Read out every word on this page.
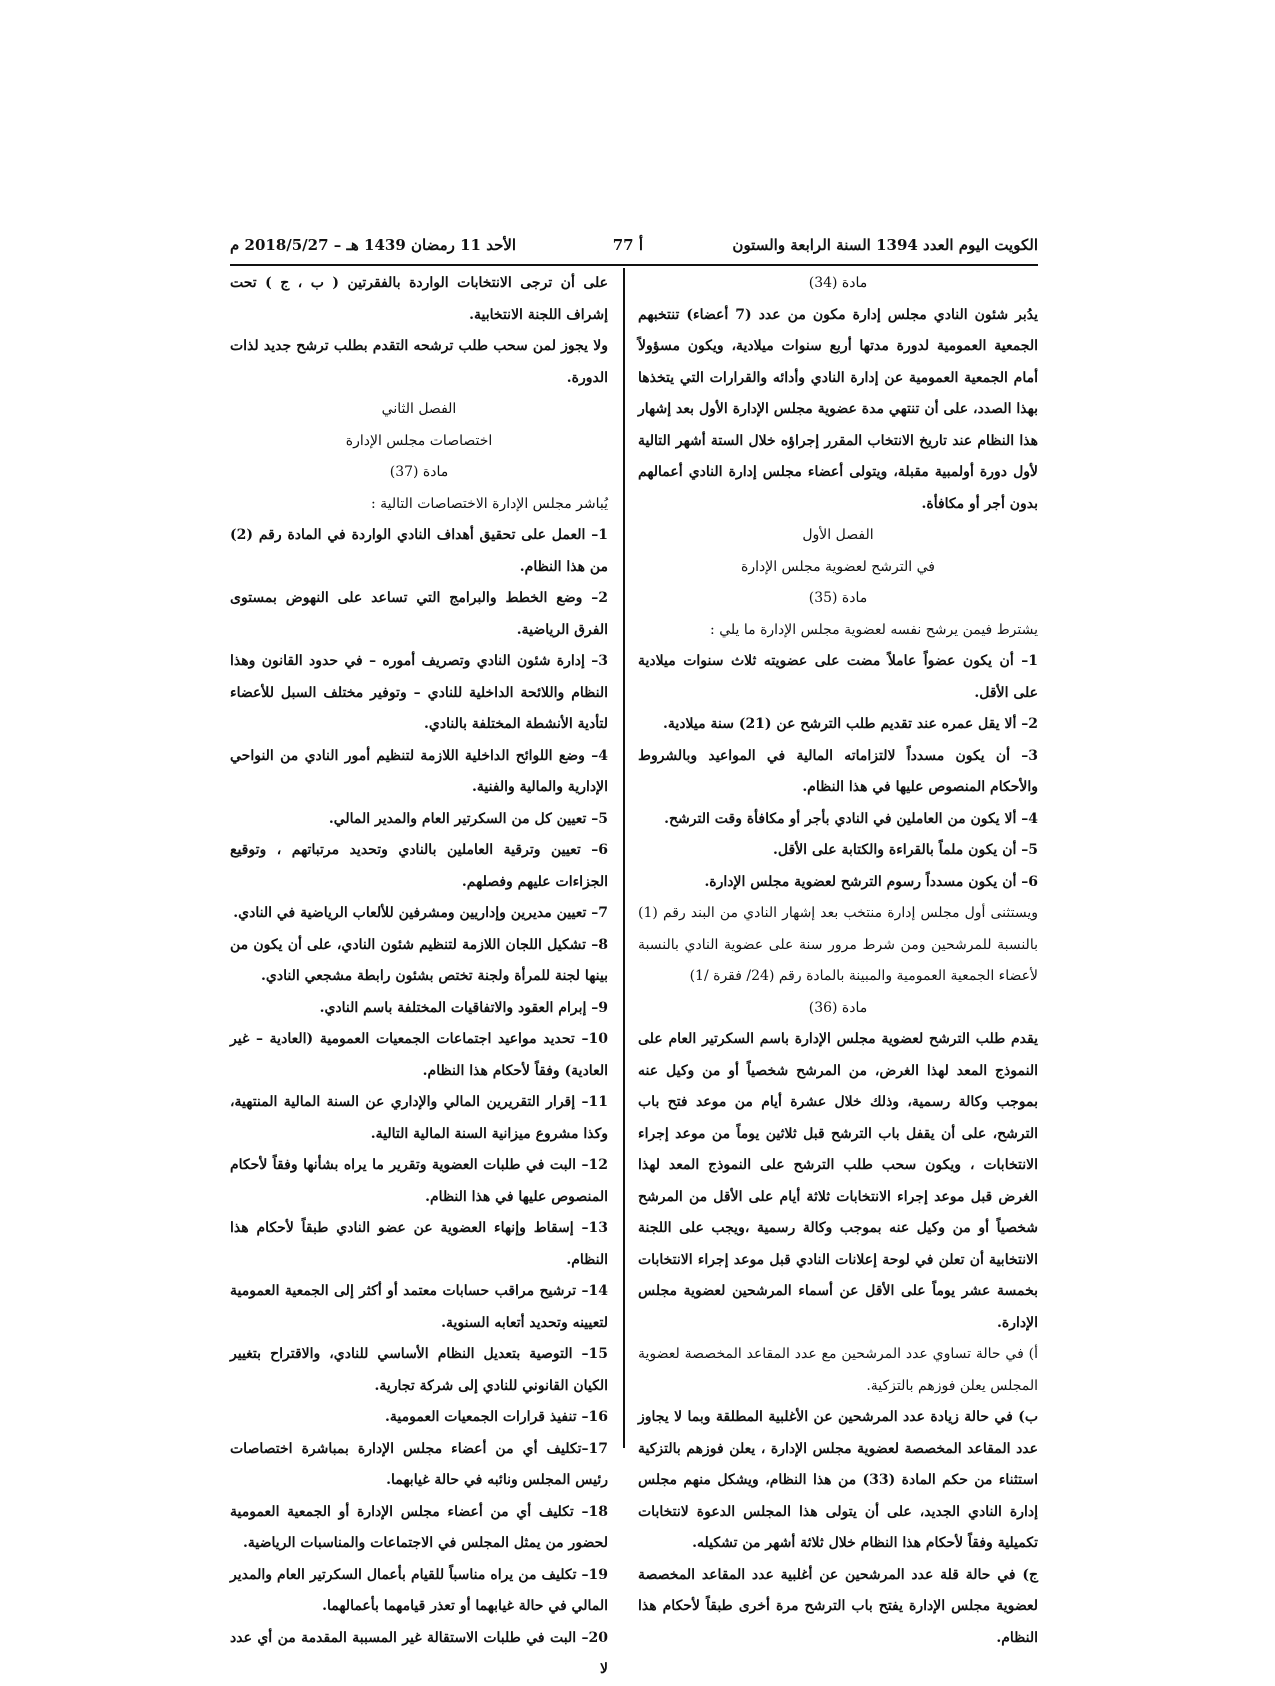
الكويت اليوم العدد 1394 السنة الرابعة والستون
أ 77
الأحد 11 رمضان 1439 هـ – 2018/5/27 م

مادة (34)

يدُبر شئون النادي مجلس إدارة مكون من عدد (7 أعضاء) تنتخبهم الجمعية العمومية لدورة مدتها أربع سنوات ميلادية، ويكون مسؤولاً أمام الجمعية العمومية عن إدارة النادي وأدائه والقرارات التي يتخذها بهذا الصدد، على أن تنتهي مدة عضوية مجلس الإدارة الأول بعد إشهار هذا النظام عند تاريخ الانتخاب المقرر إجراؤه خلال الستة أشهر التالية لأول دورة أولمبية مقبلة، ويتولى أعضاء مجلس إدارة النادي أعمالهم بدون أجر أو مكافأة.

الفصل الأول

في الترشح لعضوية مجلس الإدارة

مادة (35)

يشترط فيمن يرشح نفسه لعضوية مجلس الإدارة ما يلي :

1– أن يكون عضواً عاملاً مضت على عضويته ثلاث سنوات ميلادية على الأقل.

2– ألا يقل عمره عند تقديم طلب الترشح عن (21) سنة ميلادية.

3– أن يكون مسدداً لالتزاماته المالية في المواعيد وبالشروط والأحكام المنصوص عليها في هذا النظام.

4– ألا يكون من العاملين في النادي بأجر أو مكافأة وقت الترشح.

5– أن يكون ملماً بالقراءة والكتابة على الأقل.

6– أن يكون مسدداً رسوم الترشح لعضوية مجلس الإدارة.

ويستثنى أول مجلس إدارة منتخب بعد إشهار النادي من البند رقم (1) بالنسبة للمرشحين ومن شرط مرور سنة على عضوية النادي بالنسبة لأعضاء الجمعية العمومية والمبينة بالمادة رقم (24/ فقرة /1)

مادة (36)

يقدم طلب الترشح لعضوية مجلس الإدارة باسم السكرتير العام على النموذج المعد لهذا الغرض، من المرشح شخصياً أو من وكيل عنه بموجب وكالة رسمية، وذلك خلال عشرة أيام من موعد فتح باب الترشح، على أن يقفل باب الترشح قبل ثلاثين يوماً من موعد إجراء الانتخابات ، ويكون سحب طلب الترشح على النموذج المعد لهذا الغرض قبل موعد إجراء الانتخابات ثلاثة أيام على الأقل من المرشح شخصياً أو من وكيل عنه بموجب وكالة رسمية ،ويجب على اللجنة الانتخابية أن تعلن في لوحة إعلانات النادي قبل موعد إجراء الانتخابات بخمسة عشر يوماً على الأقل عن أسماء المرشحين لعضوية مجلس الإدارة.

أ) في حالة تساوي عدد المرشحين مع عدد المقاعد المخصصة لعضوية المجلس يعلن فوزهم بالتزكية.

ب) في حالة زيادة عدد المرشحين عن الأغلبية المطلقة وبما لا يجاوز عدد المقاعد المخصصة لعضوية مجلس الإدارة ، يعلن فوزهم بالتزكية استثناء من حكم المادة (33) من هذا النظام، ويشكل منهم مجلس إدارة النادي الجديد، على أن يتولى هذا المجلس الدعوة لانتخابات تكميلية وفقاً لأحكام هذا النظام خلال ثلاثة أشهر من تشكيله.

ج) في حالة قلة عدد المرشحين عن أغلبية عدد المقاعد المخصصة لعضوية مجلس الإدارة يفتح باب الترشح مرة أخرى طبقاً لأحكام هذا النظام.

على أن ترجى الانتخابات الواردة بالفقرتين ( ب ، ج ) تحت إشراف اللجنة الانتخابية.

ولا يجوز لمن سحب طلب ترشحه التقدم بطلب ترشح جديد لذات الدورة.

الفصل الثاني

اختصاصات مجلس الإدارة

مادة (37)

يُباشر مجلس الإدارة الاختصاصات التالية :

1– العمل على تحقيق أهداف النادي الواردة في المادة رقم (2) من هذا النظام.

2– وضع الخطط والبرامج التي تساعد على النهوض بمستوى الفرق الرياضية.

3– إدارة شئون النادي وتصريف أموره – في حدود القانون وهذا النظام واللائحة الداخلية للنادي – وتوفير مختلف السبل للأعضاء لتأدية الأنشطة المختلفة بالنادي.

4– وضع اللوائح الداخلية اللازمة لتنظيم أمور النادي من النواحي الإدارية والمالية والفنية.

5– تعيين كل من السكرتير العام والمدير المالي.

6– تعيين وترقية العاملين بالنادي وتحديد مرتباتهم ، وتوقيع الجزاءات عليهم وفصلهم.

7– تعيين مديرين وإداريين ومشرفين للألعاب الرياضية في النادي.

8– تشكيل اللجان اللازمة لتنظيم شئون النادي، على أن يكون من بينها لجنة للمرأة ولجنة تختص بشئون رابطة مشجعي النادي.

9– إبرام العقود والاتفاقيات المختلفة باسم النادي.

10– تحديد مواعيد اجتماعات الجمعيات العمومية (العادية – غير العادية) وفقاً لأحكام هذا النظام.

11– إقرار التقريرين المالي والإداري عن السنة المالية المنتهية، وكذا مشروع ميزانية السنة المالية التالية.

12– البت في طلبات العضوية وتقرير ما يراه بشأنها وفقاً لأحكام المنصوص عليها في هذا النظام.

13– إسقاط وإنهاء العضوية عن عضو النادي طبقاً لأحكام هذا النظام.

14– ترشيح مراقب حسابات معتمد أو أكثر إلى الجمعية العمومية لتعيينه وتحديد أتعابه السنوية.

15– التوصية بتعديل النظام الأساسي للنادي، والاقتراح بتغيير الكيان القانوني للنادي إلى شركة تجارية.

16– تنفيذ قرارات الجمعيات العمومية.

17–تكليف أي من أعضاء مجلس الإدارة بمباشرة اختصاصات رئيس المجلس ونائبه في حالة غيابهما.

18– تكليف أي من أعضاء مجلس الإدارة أو الجمعية العمومية لحضور من يمثل المجلس في الاجتماعات والمناسبات الرياضية.

19– تكليف من يراه مناسباً للقيام بأعمال السكرتير العام والمدير المالي في حالة غيابهما أو تعذر قيامهما بأعمالهما.

20– البت في طلبات الاستقالة غير المسببة المقدمة من أي عدد لا
